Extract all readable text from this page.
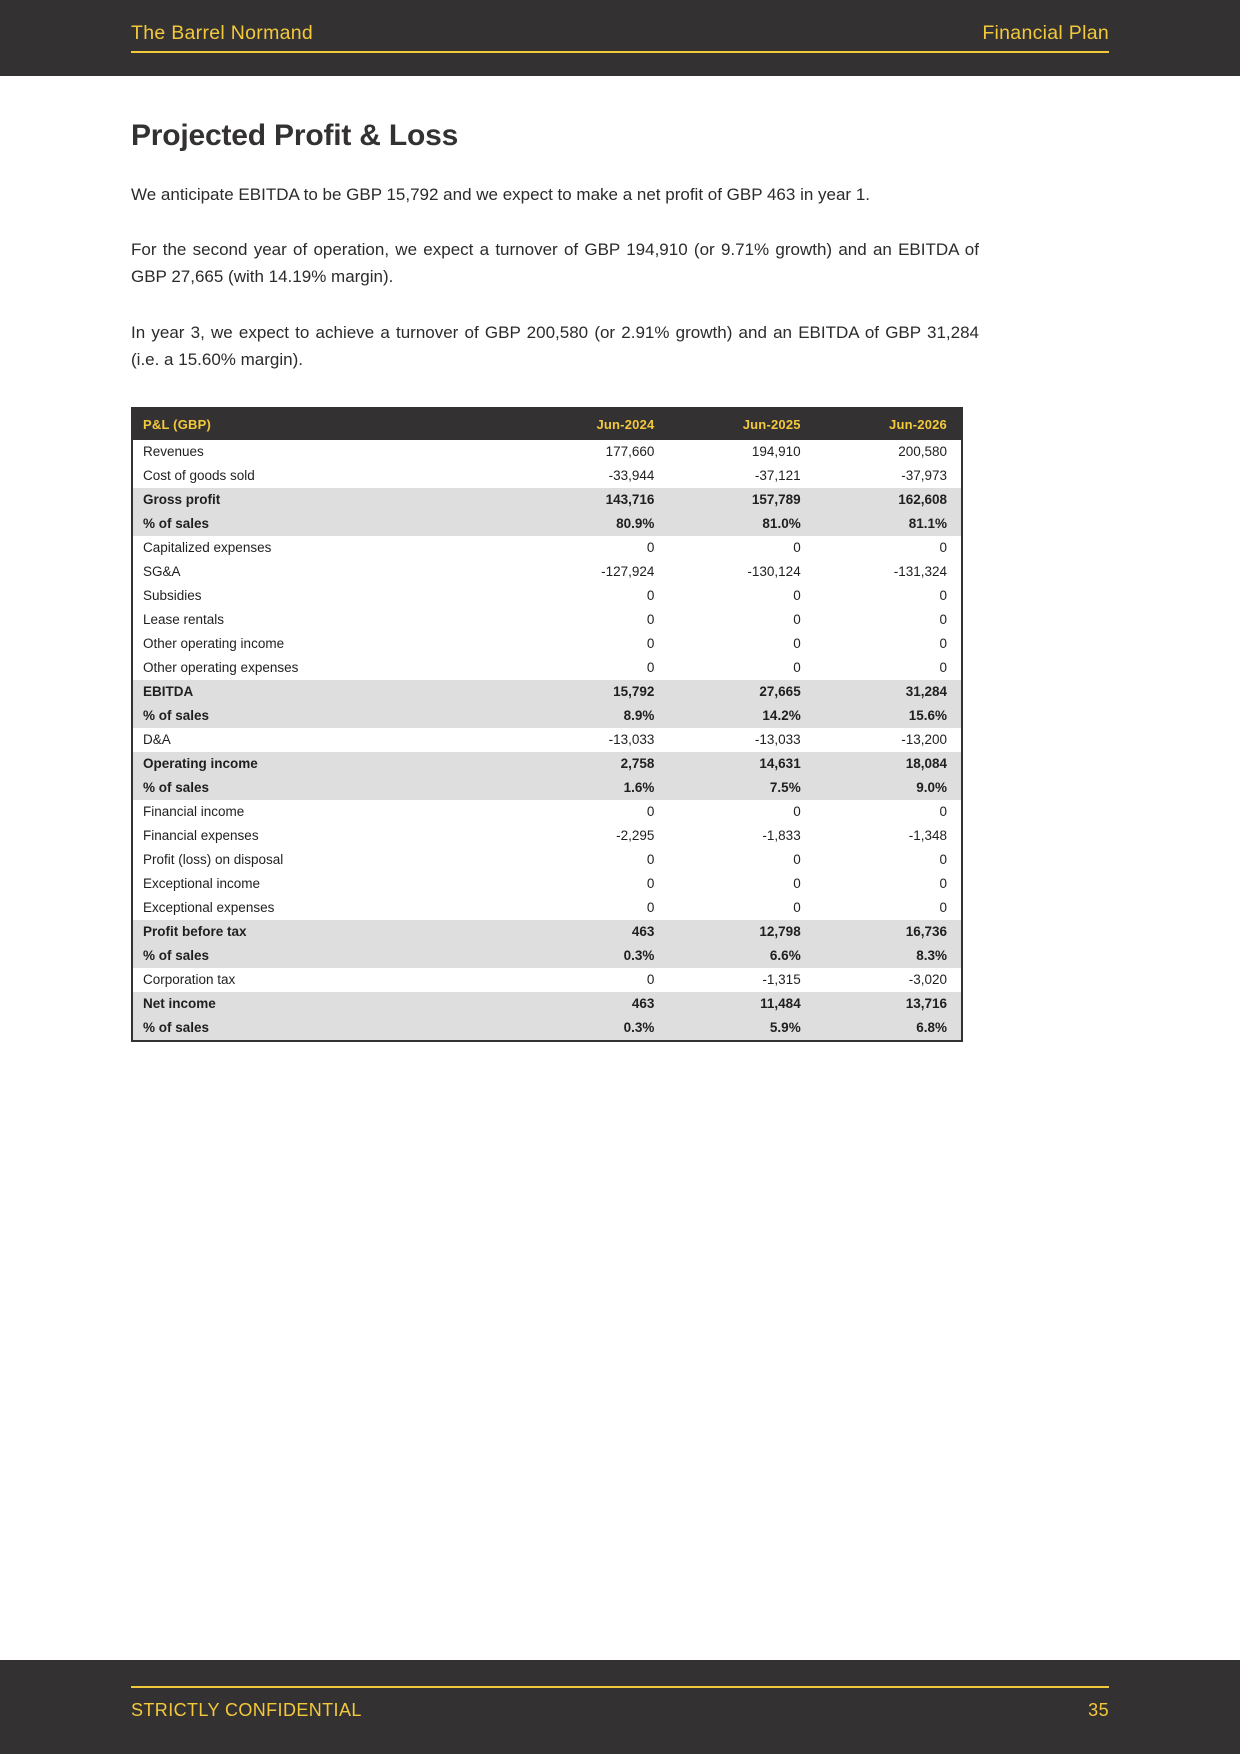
The Barrel Normand	Financial Plan
Projected Profit & Loss

We anticipate EBITDA to be GBP 15,792 and we expect to make a net profit of GBP 463 in year 1.

For the second year of operation, we expect a turnover of GBP 194,910 (or 9.71% growth) and an EBITDA of GBP 27,665 (with 14.19% margin).

In year 3, we expect to achieve a turnover of GBP 200,580 (or 2.91% growth) and an EBITDA of GBP 31,284 (i.e. a 15.60% margin).

P&L (GBP)	Jun-2024	Jun-2025	Jun-2026
Revenues	177,660	194,910	200,580
Cost of goods sold	-33,944	-37,121	-37,973
Gross profit	143,716	157,789	162,608
% of sales	80.9%	81.0%	81.1%
Capitalized expenses	0	0	0
SG&A	-127,924	-130,124	-131,324
Subsidies	0	0	0
Lease rentals	0	0	0
Other operating income	0	0	0
Other operating expenses	0	0	0
EBITDA	15,792	27,665	31,284
% of sales	8.9%	14.2%	15.6%
D&A	-13,033	-13,033	-13,200
Operating income	2,758	14,631	18,084
% of sales	1.6%	7.5%	9.0%
Financial income	0	0	0
Financial expenses	-2,295	-1,833	-1,348
Profit (loss) on disposal	0	0	0
Exceptional income	0	0	0
Exceptional expenses	0	0	0
Profit before tax	463	12,798	16,736
% of sales	0.3%	6.6%	8.3%
Corporation tax	0	-1,315	-3,020
Net income	463	11,484	13,716
% of sales	0.3%	5.9%	6.8%
STRICTLY CONFIDENTIAL	35
